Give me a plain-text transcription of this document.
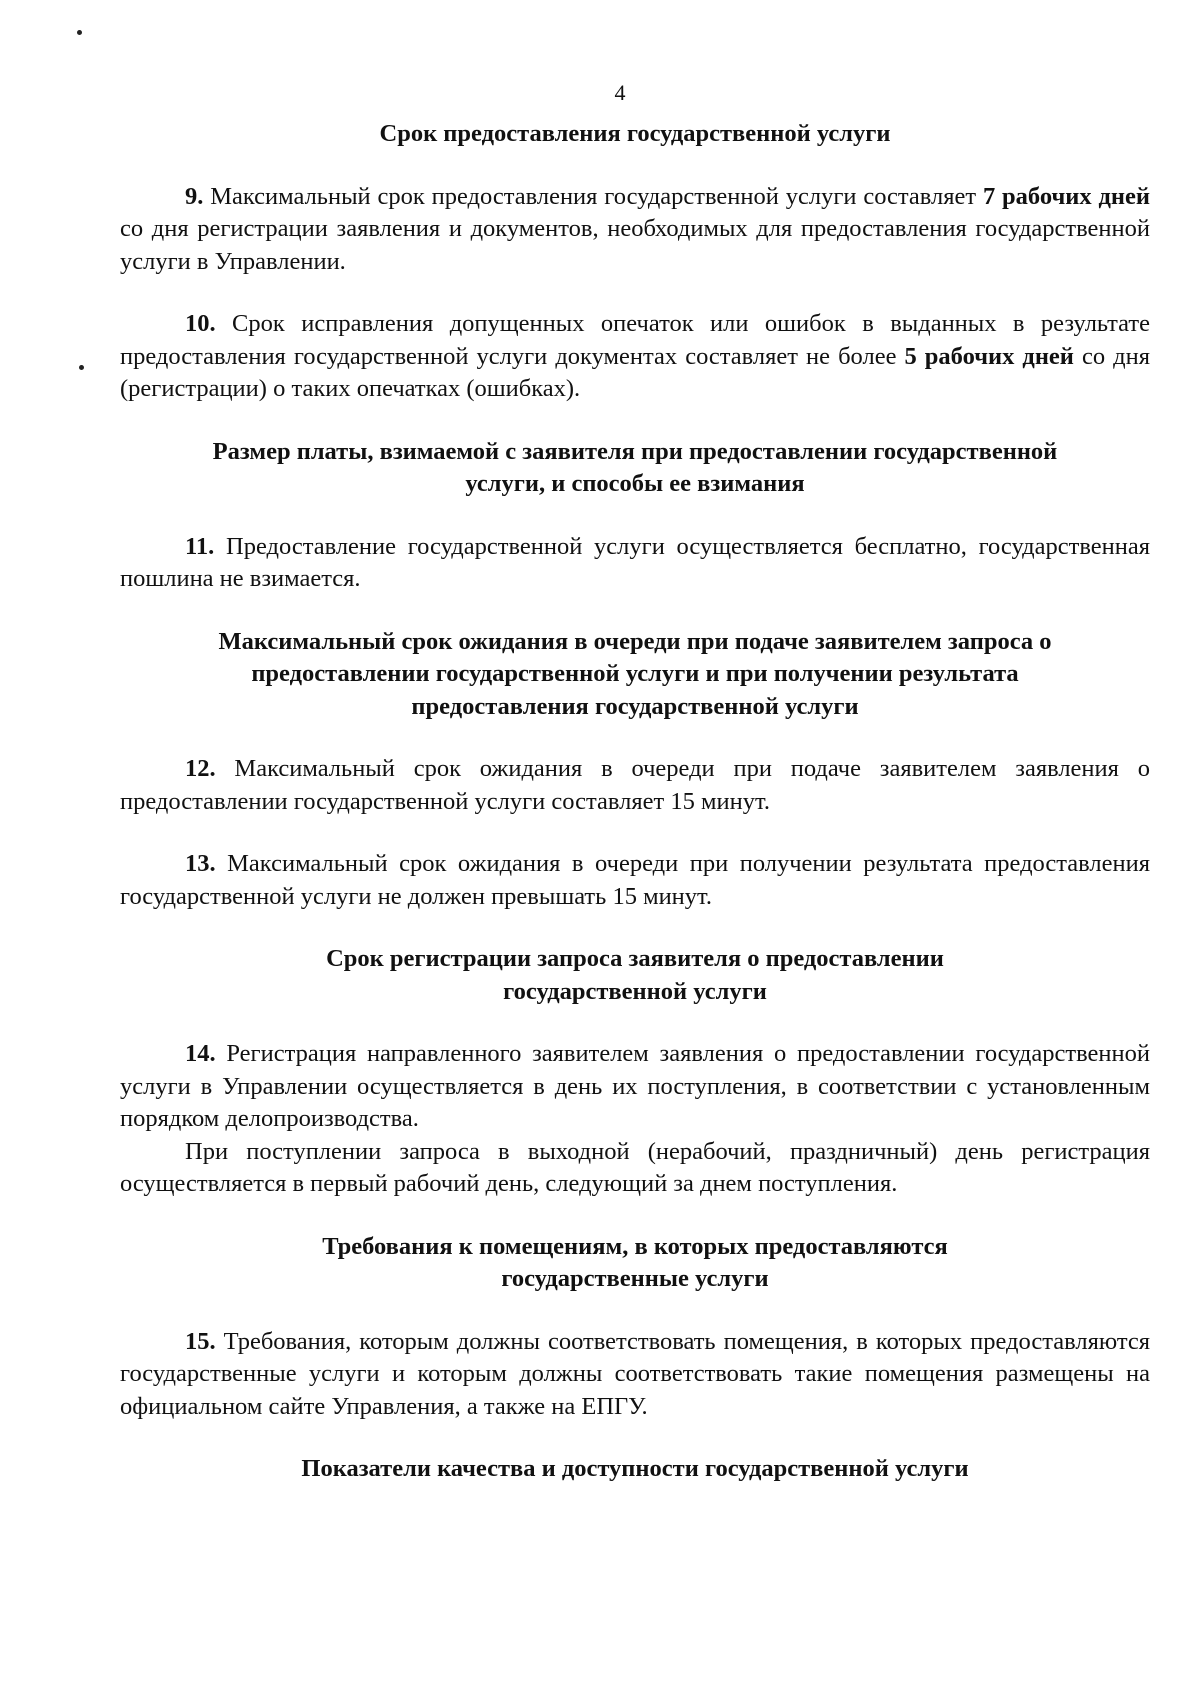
4

Срок предоставления государственной услуги

9. Максимальный срок предоставления государственной услуги составляет 7 рабочих дней со дня регистрации заявления и документов, необходимых для предоставления государственной услуги в Управлении.

10. Срок исправления допущенных опечаток или ошибок в выданных в результате предоставления государственной услуги документах составляет не более 5 рабочих дней со дня (регистрации) о таких опечатках (ошибках).

Размер платы, взимаемой с заявителя при предоставлении государственной услуги, и способы ее взимания

11. Предоставление государственной услуги осуществляется бесплатно, государственная пошлина не взимается.

Максимальный срок ожидания в очереди при подаче заявителем запроса о предоставлении государственной услуги и при получении результата предоставления государственной услуги

12. Максимальный срок ожидания в очереди при подаче заявителем заявления о предоставлении государственной услуги составляет 15 минут.

13. Максимальный срок ожидания в очереди при получении результата предоставления государственной услуги не должен превышать 15 минут.

Срок регистрации запроса заявителя о предоставлении государственной услуги

14. Регистрация направленного заявителем заявления о предоставлении государственной услуги в Управлении осуществляется в день их поступления, в соответствии с установленным порядком делопроизводства.

При поступлении запроса в выходной (нерабочий, праздничный) день регистрация осуществляется в первый рабочий день, следующий за днем поступления.

Требования к помещениям, в которых предоставляются государственные услуги

15. Требования, которым должны соответствовать помещения, в которых предоставляются государственные услуги и которым должны соответствовать такие помещения размещены на официальном сайте Управления, а также на ЕПГУ.

Показатели качества и доступности государственной услуги
